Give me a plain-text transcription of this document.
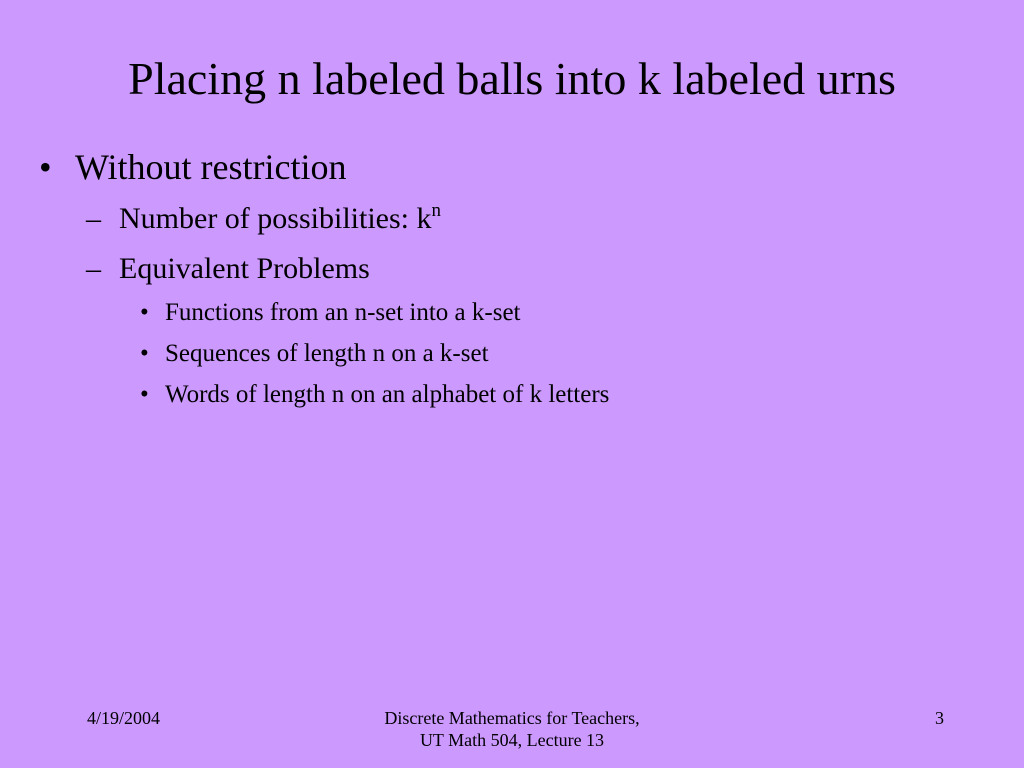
Placing n labeled balls into k labeled urns
• Without restriction
– Number of possibilities: $k^n$
– Equivalent Problems
• Functions from an n-set into a k-set
• Sequences of length n on a k-set
• Words of length n on an alphabet of k letters
4/19/2004	Discrete Mathematics for Teachers,
UT Math 504, Lecture 13
3
